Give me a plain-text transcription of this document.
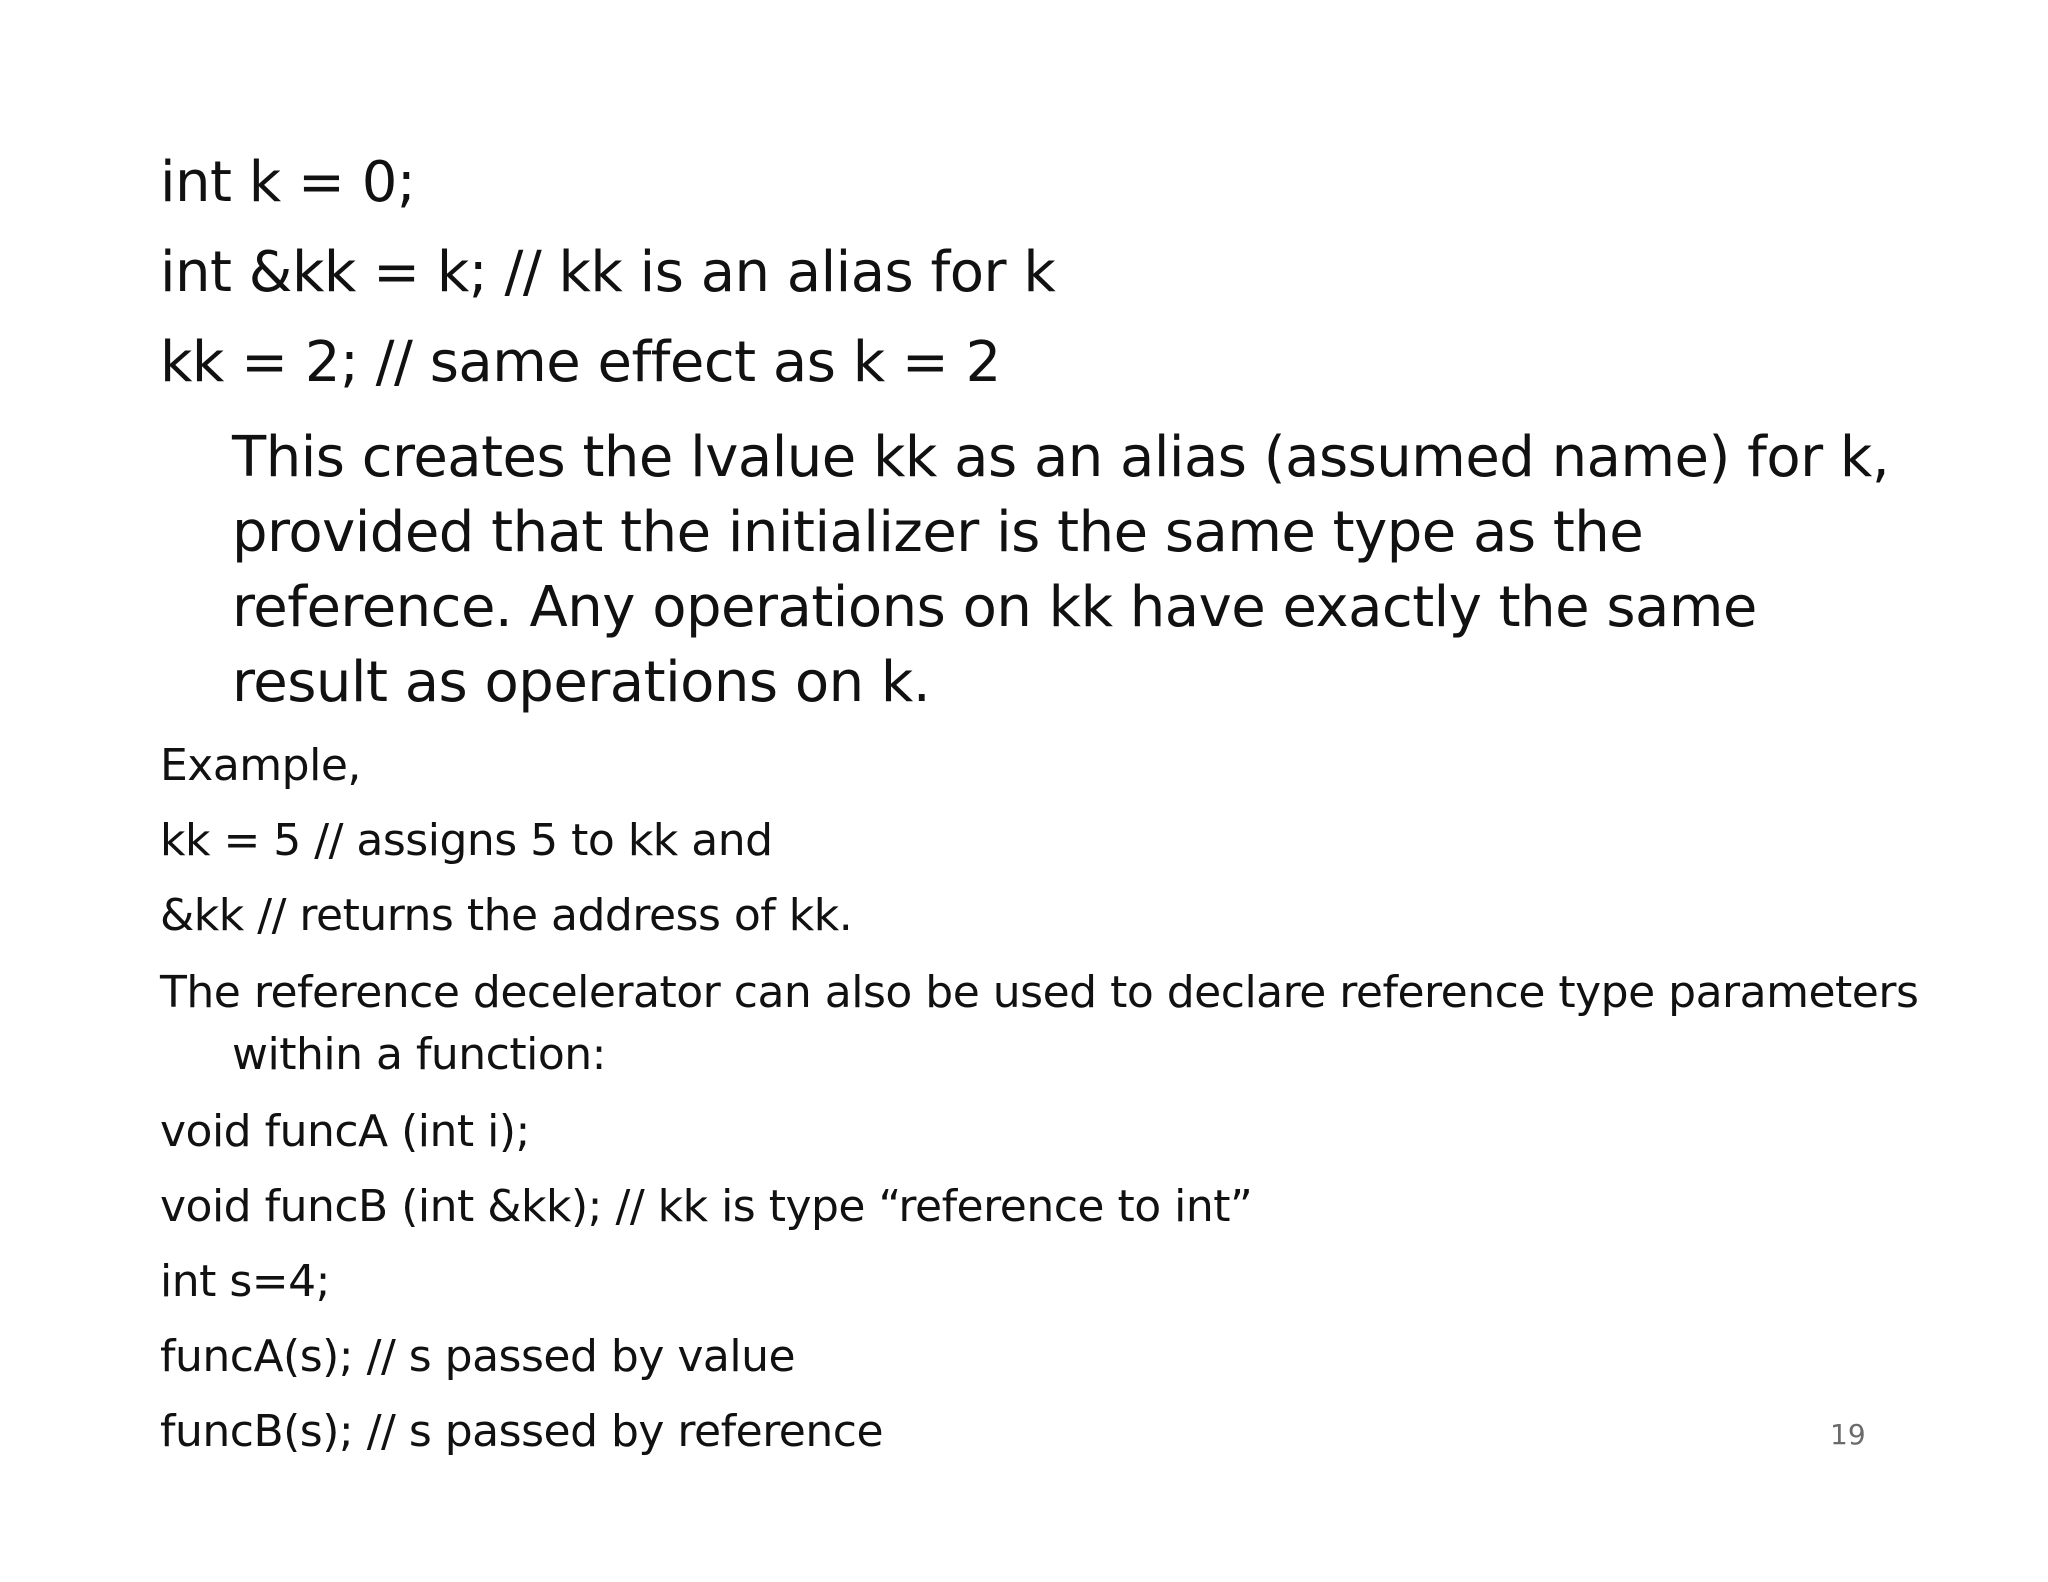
int k = 0;
int &kk = k; // kk is an alias for k
kk = 2; // same effect as k = 2
This creates the lvalue kk as an alias (assumed name) for k, provided that the initializer is the same type as the reference. Any operations on kk have exactly the same result as operations on k.
Example,
kk = 5 // assigns 5 to kk and
&kk // returns the address of kk.
The reference decelerator can also be used to declare reference type parameters within a function:
void funcA (int i);
void funcB (int &kk); // kk is type “reference to int”
int s=4;
funcA(s); // s passed by value
funcB(s); // s passed by reference	19
